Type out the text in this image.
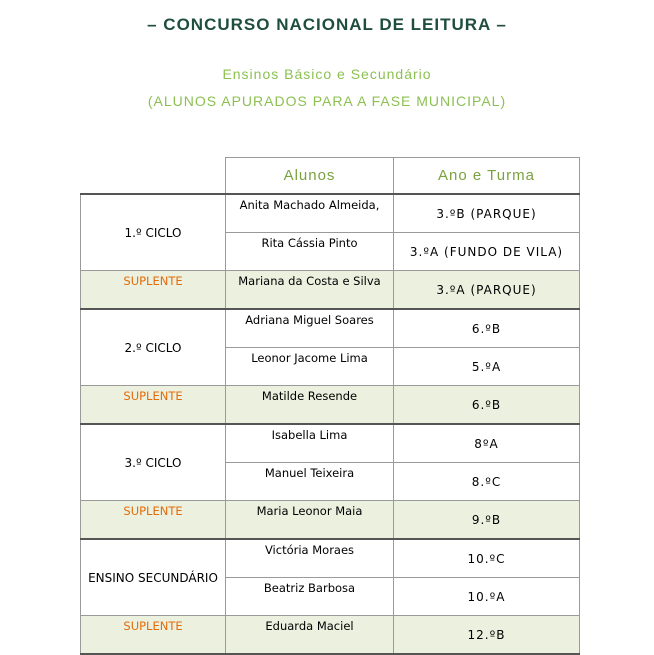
– CONCURSO NACIONAL DE LEITURA –
Ensinos Básico e Secundário
(ALUNOS APURADOS PARA A FASE MUNICIPAL)
	Alunos	Ano e Turma
1.º CICLO	Anita Machado Almeida,	3.ºB (PARQUE)
	Rita Cássia Pinto	3.ºA (FUNDO DE VILA)
SUPLENTE	Mariana da Costa e Silva	3.ºA (PARQUE)
2.º CICLO	Adriana Miguel Soares	6.ºB
	Leonor Jacome Lima	5.ºA
SUPLENTE	Matilde Resende	6.ºB
3.º CICLO	Isabella Lima	8ºA
	Manuel Teixeira	8.ºC
SUPLENTE	Maria Leonor Maia	9.ºB
ENSINO SECUNDÁRIO	Victória Moraes	10.ºC
	Beatriz Barbosa	10.ºA
SUPLENTE	Eduarda Maciel	12.ºB
